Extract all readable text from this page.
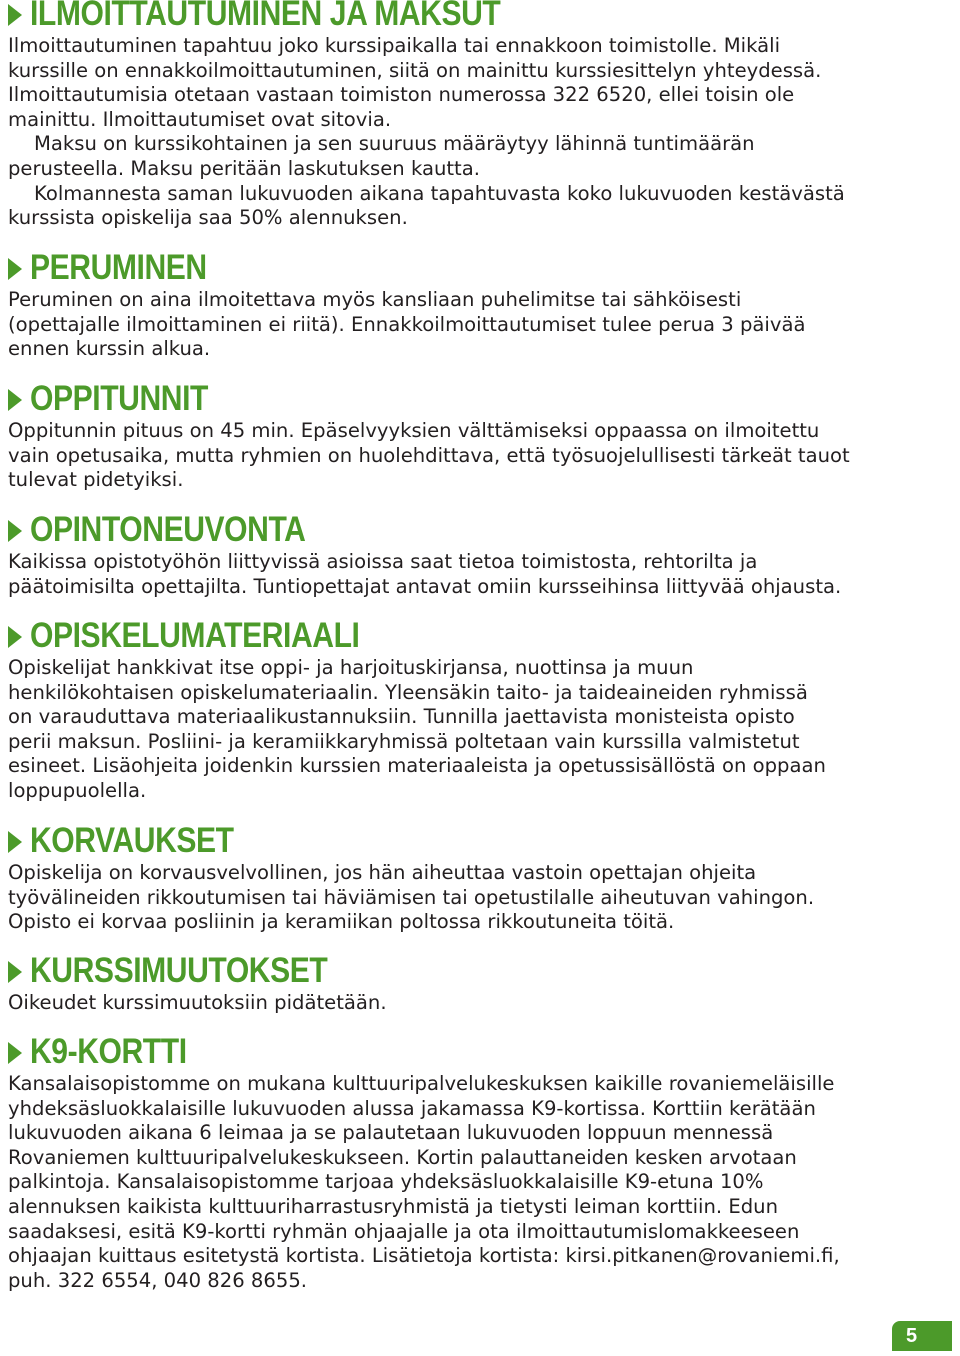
ILMOITTAUTUMINEN JA MAKSUT
Ilmoittautuminen tapahtuu joko kurssipaikalla tai ennakkoon toimistolle. Mikäli
kurssille on ennakkoilmoittautuminen, siitä on mainittu kurssiesittelyn yhteydessä.
Ilmoittautumisia otetaan vastaan toimiston numerossa 322 6520, ellei toisin ole
mainittu. Ilmoittautumiset ovat sitovia.
Maksu on kurssikohtainen ja sen suuruus määräytyy lähinnä tuntimäärän
perusteella. Maksu peritään laskutuksen kautta.
Kolmannesta saman lukuvuoden aikana tapahtuvasta koko lukuvuoden kestävästä
kurssista opiskelija saa 50% alennuksen.
PERUMINEN
Peruminen on aina ilmoitettava myös kansliaan puhelimitse tai sähköisesti
(opettajalle ilmoittaminen ei riitä). Ennakkoilmoittautumiset tulee perua 3 päivää
ennen kurssin alkua.
OPPITUNNIT
Oppitunnin pituus on 45 min. Epäselvyyksien välttämiseksi oppaassa on ilmoitettu
vain opetusaika, mutta ryhmien on huolehdittava, että työsuojelullisesti tärkeät tauot
tulevat pidetyiksi.
OPINTONEUVONTA
Kaikissa opistotyöhön liittyvissä asioissa saat tietoa toimistosta, rehtorilta ja
päätoimisilta opettajilta. Tuntiopettajat antavat omiin kursseihinsa liittyvää ohjausta.
OPISKELUMATERIAALI
Opiskelijat hankkivat itse oppi- ja harjoituskirjansa, nuottinsa ja muun
henkilökohtaisen opiskelumateriaalin. Yleensäkin taito- ja taideaineiden ryhmissä
on varauduttava materiaalikustannuksiin. Tunnilla jaettavista monisteista opisto
perii maksun. Posliini- ja keramiikkaryhmissä poltetaan vain kurssilla valmistetut
esineet. Lisäohjeita joidenkin kurssien materiaaleista ja opetussisällöstä on oppaan
loppupuolella.
KORVAUKSET
Opiskelija on korvausvelvollinen, jos hän aiheuttaa vastoin opettajan ohjeita
työvälineiden rikkoutumisen tai häviämisen tai opetustilalle aiheutuvan vahingon.
Opisto ei korvaa posliinin ja keramiikan poltossa rikkoutuneita töitä.
KURSSIMUUTOKSET
Oikeudet kurssimuutoksiin pidätetään.
K9-KORTTI
Kansalaisopistomme on mukana kulttuuripalvelukeskuksen kaikille rovaniemeläisille
yhdeksäsluokkalaisille lukuvuoden alussa jakamassa K9-kortissa. Korttiin kerätään
lukuvuoden aikana 6 leimaa ja se palautetaan lukuvuoden loppuun mennessä
Rovaniemen kulttuuripalvelukeskukseen. Kortin palauttaneiden kesken arvotaan
palkintoja. Kansalaisopistomme tarjoaa yhdeksäsluokkalaisille K9-etuna 10%
alennuksen kaikista kulttuuriharrastusryhmistä ja tietysti leiman korttiin. Edun
saadaksesi, esitä K9-kortti ryhmän ohjaajalle ja ota ilmoittautumislomakkeeseen
ohjaajan kuittaus esitetystä kortista. Lisätietoja kortista: kirsi.pitkanen@rovaniemi.fi,
puh. 322 6554, 040 826 8655.
5
